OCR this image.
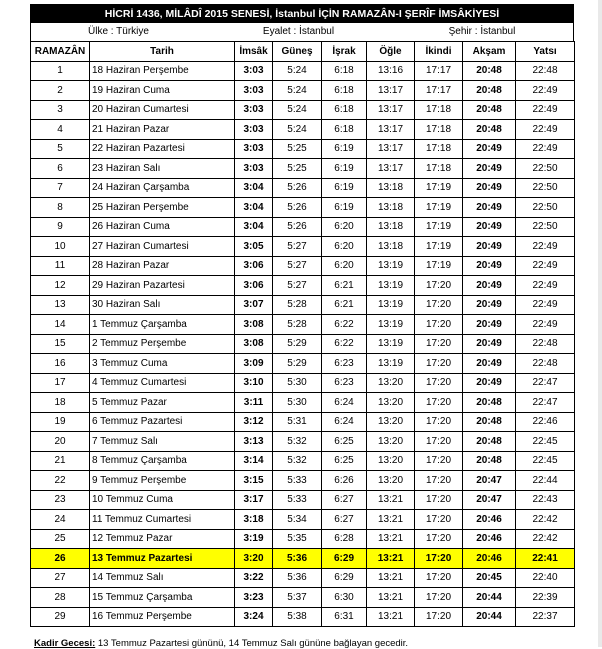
HİCRİ 1436, MİLÂDÎ 2015 SENESİ, İstanbul İÇİN RAMAZÂN-I ŞERÎF İMSÂKİYESİ
Ülke : Türkiye	Eyalet : İstanbul	Şehir : İstanbul
RAMAZÂN	Tarih	İmsâk	Güneş	İşrak	Öğle	İkindi	Akşam	Yatsı
1	18 Haziran Perşembe	3:03	5:24	6:18	13:16	17:17	20:48	22:48
2	19 Haziran Cuma	3:03	5:24	6:18	13:17	17:17	20:48	22:49
3	20 Haziran Cumartesi	3:03	5:24	6:18	13:17	17:18	20:48	22:49
4	21 Haziran Pazar	3:03	5:24	6:18	13:17	17:18	20:48	22:49
5	22 Haziran Pazartesi	3:03	5:25	6:19	13:17	17:18	20:49	22:49
6	23 Haziran Salı	3:03	5:25	6:19	13:17	17:18	20:49	22:50
7	24 Haziran Çarşamba	3:04	5:26	6:19	13:18	17:19	20:49	22:50
8	25 Haziran Perşembe	3:04	5:26	6:19	13:18	17:19	20:49	22:50
9	26 Haziran Cuma	3:04	5:26	6:20	13:18	17:19	20:49	22:50
10	27 Haziran Cumartesi	3:05	5:27	6:20	13:18	17:19	20:49	22:49
11	28 Haziran Pazar	3:06	5:27	6:20	13:19	17:19	20:49	22:49
12	29 Haziran Pazartesi	3:06	5:27	6:21	13:19	17:20	20:49	22:49
13	30 Haziran Salı	3:07	5:28	6:21	13:19	17:20	20:49	22:49
14	1 Temmuz Çarşamba	3:08	5:28	6:22	13:19	17:20	20:49	22:49
15	2 Temmuz Perşembe	3:08	5:29	6:22	13:19	17:20	20:49	22:48
16	3 Temmuz Cuma	3:09	5:29	6:23	13:19	17:20	20:49	22:48
17	4 Temmuz Cumartesi	3:10	5:30	6:23	13:20	17:20	20:49	22:47
18	5 Temmuz Pazar	3:11	5:30	6:24	13:20	17:20	20:48	22:47
19	6 Temmuz Pazartesi	3:12	5:31	6:24	13:20	17:20	20:48	22:46
20	7 Temmuz Salı	3:13	5:32	6:25	13:20	17:20	20:48	22:45
21	8 Temmuz Çarşamba	3:14	5:32	6:25	13:20	17:20	20:48	22:45
22	9 Temmuz Perşembe	3:15	5:33	6:26	13:20	17:20	20:47	22:44
23	10 Temmuz Cuma	3:17	5:33	6:27	13:21	17:20	20:47	22:43
24	11 Temmuz Cumartesi	3:18	5:34	6:27	13:21	17:20	20:46	22:42
25	12 Temmuz Pazar	3:19	5:35	6:28	13:21	17:20	20:46	22:42
26	13 Temmuz Pazartesi	3:20	5:36	6:29	13:21	17:20	20:46	22:41
27	14 Temmuz Salı	3:22	5:36	6:29	13:21	17:20	20:45	22:40
28	15 Temmuz Çarşamba	3:23	5:37	6:30	13:21	17:20	20:44	22:39
29	16 Temmuz Perşembe	3:24	5:38	6:31	13:21	17:20	20:44	22:37
Kadir Gecesi: 13 Temmuz Pazartesi gününü, 14 Temmuz Salı gününe bağlayan gecedir.
